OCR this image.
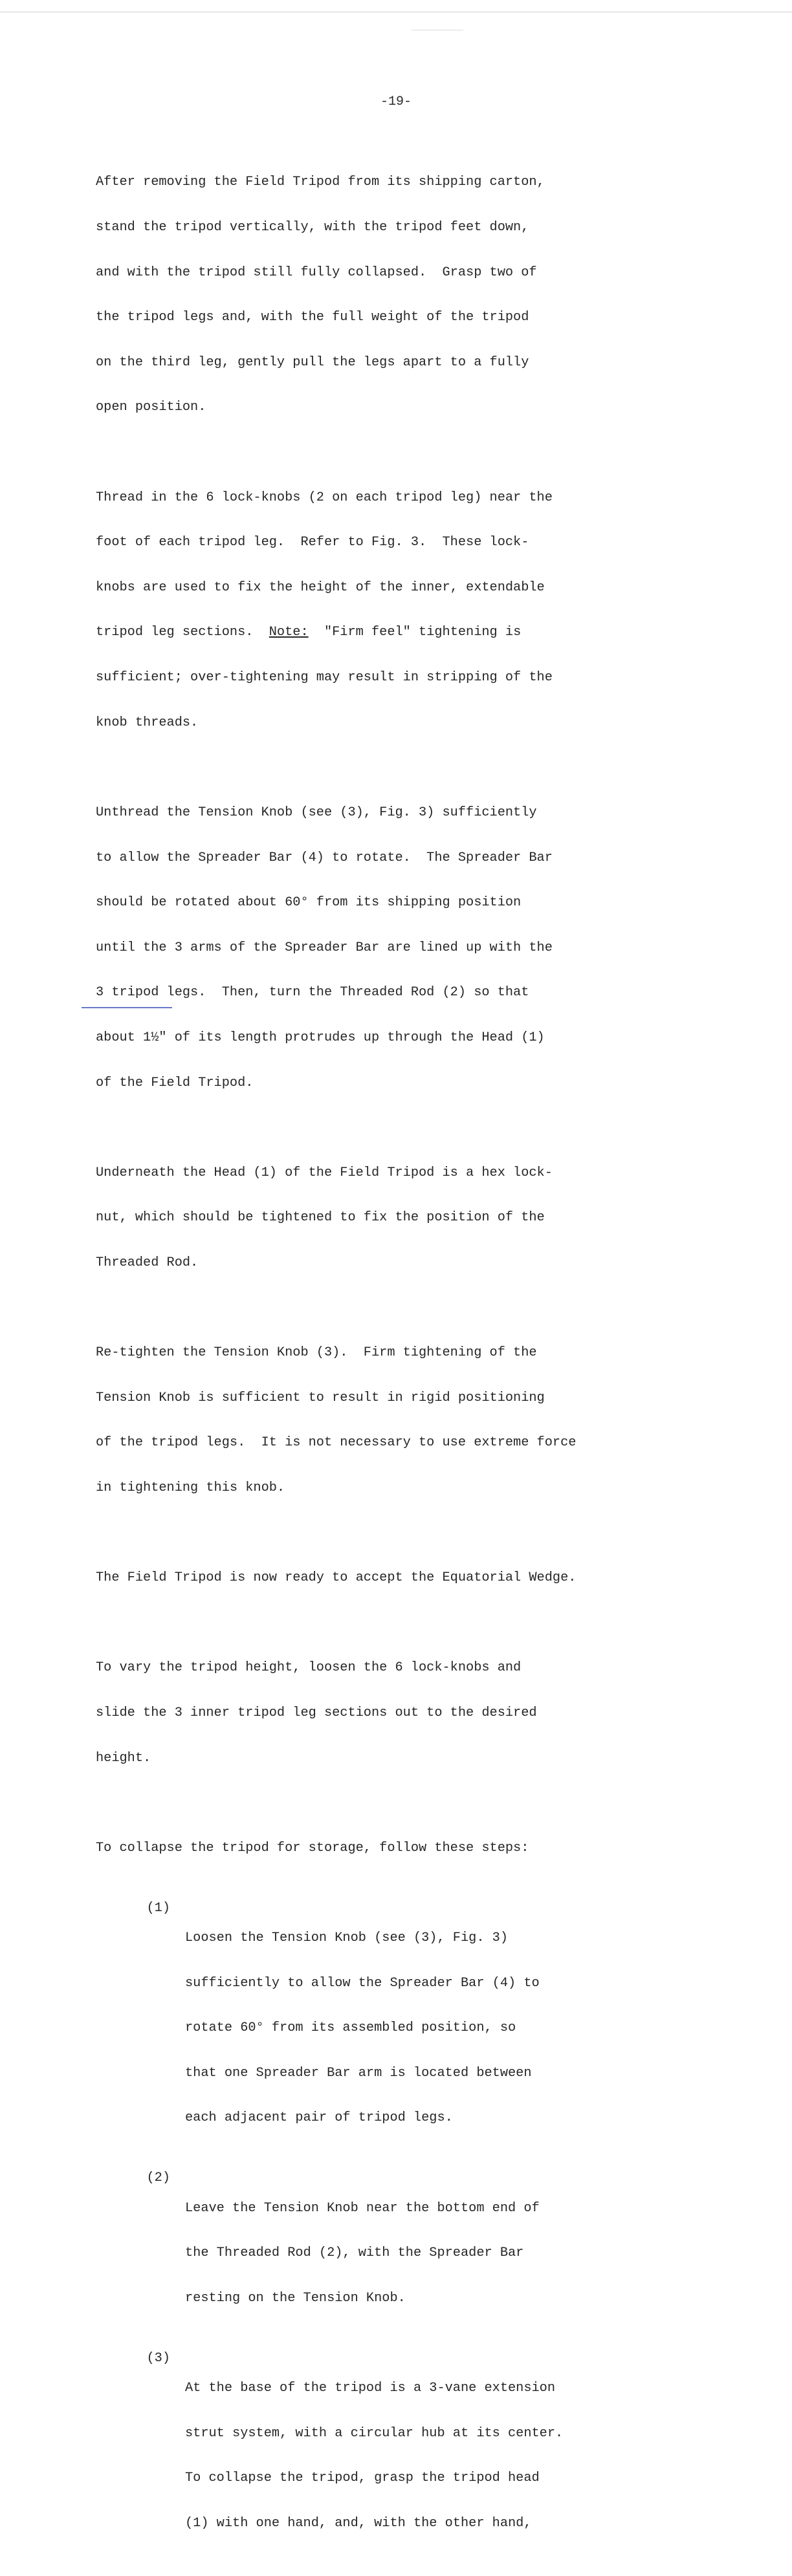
-19-

After removing the Field Tripod from its shipping carton,

stand the tripod vertically, with the tripod feet down,

and with the tripod still fully collapsed.  Grasp two of

the tripod legs and, with the full weight of the tripod

on the third leg, gently pull the legs apart to a fully

open position.

Thread in the 6 lock-knobs (2 on each tripod leg) near the

foot of each tripod leg.  Refer to Fig. 3.  These lock-

knobs are used to fix the height of the inner, extendable

tripod leg sections.  Note:  "Firm feel" tightening is

sufficient; over-tightening may result in stripping of the

knob threads.

Unthread the Tension Knob (see (3), Fig. 3) sufficiently

to allow the Spreader Bar (4) to rotate.  The Spreader Bar

should be rotated about 60° from its shipping position

until the 3 arms of the Spreader Bar are lined up with the

3 tripod legs.  Then, turn the Threaded Rod (2) so that

about 1½" of its length protrudes up through the Head (1)

of the Field Tripod.

Underneath the Head (1) of the Field Tripod is a hex lock-

nut, which should be tightened to fix the position of the

Threaded Rod.

Re-tighten the Tension Knob (3).  Firm tightening of the

Tension Knob is sufficient to result in rigid positioning

of the tripod legs.  It is not necessary to use extreme force

in tightening this knob.

The Field Tripod is now ready to accept the Equatorial Wedge.

To vary the tripod height, loosen the 6 lock-knobs and

slide the 3 inner tripod leg sections out to the desired

height.

To collapse the tripod for storage, follow these steps:

(1)

Loosen the Tension Knob (see (3), Fig. 3)

sufficiently to allow the Spreader Bar (4) to

rotate 60° from its assembled position, so

that one Spreader Bar arm is located between

each adjacent pair of tripod legs.

(2)

Leave the Tension Knob near the bottom end of

the Threaded Rod (2), with the Spreader Bar

resting on the Tension Knob.

(3)

At the base of the tripod is a 3-vane extension

strut system, with a circular hub at its center.

To collapse the tripod, grasp the tripod head

(1) with one hand, and, with the other hand,
